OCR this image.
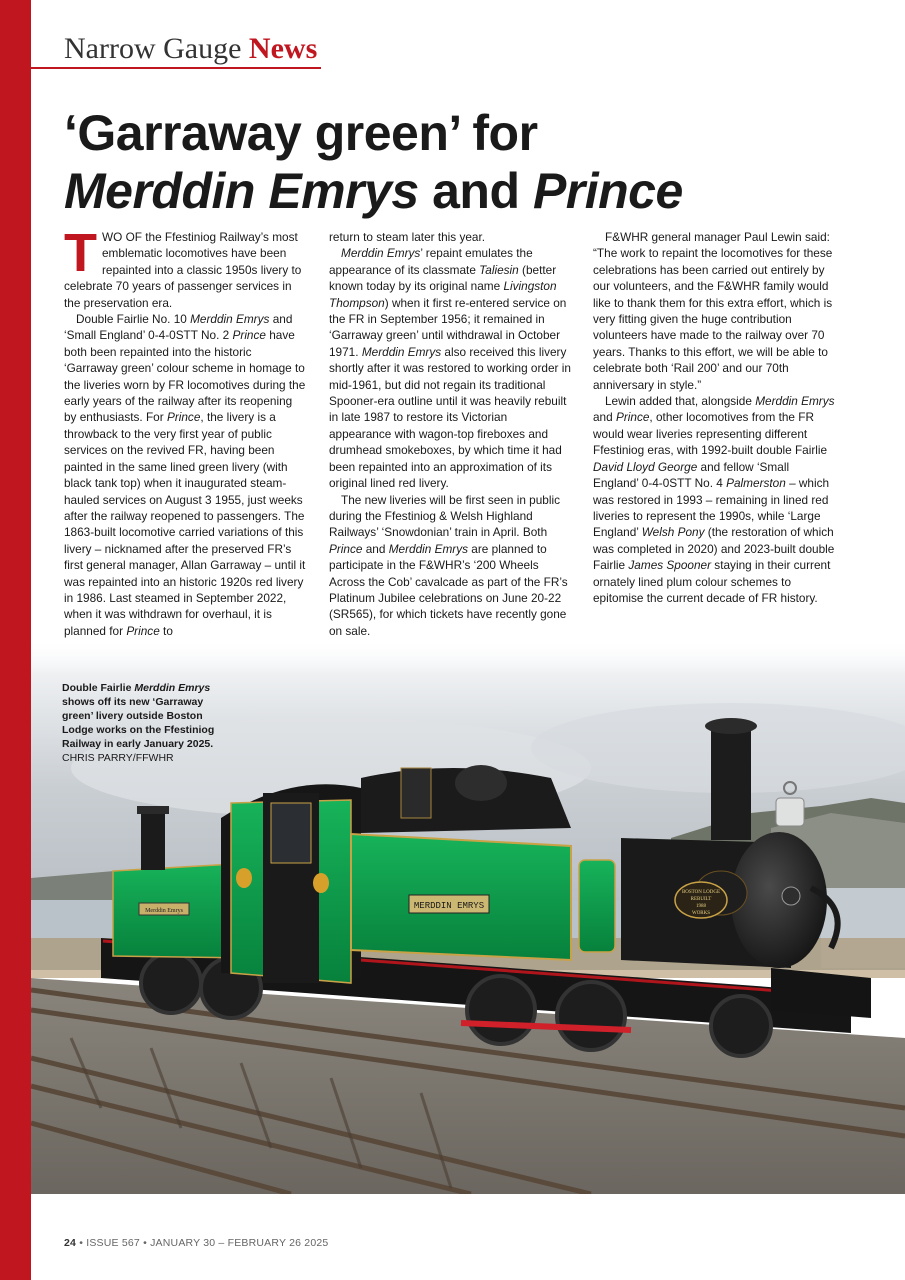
Narrow Gauge News
‘Garraway green’ for
Merddin Emrys and Prince

TWO OF the Ffestiniog Railway’s most emblematic locomotives have been repainted into a classic 1950s livery to celebrate 70 years of passenger services in the preservation era.

Double Fairlie No. 10 Merddin Emrys and ‘Small England’ 0-4-0STT No. 2 Prince have both been repainted into the historic ‘Garraway green’ colour scheme in homage to the liveries worn by FR locomotives during the early years of the railway after its reopening by enthusiasts. For Prince, the livery is a throwback to the very first year of public services on the revived FR, having been painted in the same lined green livery (with black tank top) when it inaugurated steam-hauled services on August 3 1955, just weeks after the railway reopened to passengers. The 1863-built locomotive carried variations of this livery – nicknamed after the preserved FR’s first general manager, Allan Garraway – until it was repainted into an historic 1920s red livery in 1986. Last steamed in September 2022, when it was withdrawn for overhaul, it is planned for Prince to

return to steam later this year.

Merddin Emrys’ repaint emulates the appearance of its classmate Taliesin (better known today by its original name Livingston Thompson) when it first re-entered service on the FR in September 1956; it remained in ‘Garraway green’ until withdrawal in October 1971. Merddin Emrys also received this livery shortly after it was restored to working order in mid-1961, but did not regain its traditional Spooner-era outline until it was heavily rebuilt in late 1987 to restore its Victorian appearance with wagon-top fireboxes and drumhead smokeboxes, by which time it had been repainted into an approximation of its original lined red livery.

The new liveries will be first seen in public during the Ffestiniog & Welsh Highland Railways’ ‘Snowdonian’ train in April. Both Prince and Merddin Emrys are planned to participate in the F&WHR’s ‘200 Wheels Across the Cob’ cavalcade as part of the FR’s Platinum Jubilee celebrations on June 20-22 (SR565), for which tickets have recently gone on sale.

F&WHR general manager Paul Lewin said: “The work to repaint the locomotives for these celebrations has been carried out entirely by our volunteers, and the F&WHR family would like to thank them for this extra effort, which is very fitting given the huge contribution volunteers have made to the railway over 70 years. Thanks to this effort, we will be able to celebrate both ‘Rail 200’ and our 70th anniversary in style.”

Lewin added that, alongside Merddin Emrys and Prince, other locomotives from the FR would wear liveries representing different Ffestiniog eras, with 1992-built double Fairlie David Lloyd George and fellow ‘Small England’ 0-4-0STT No. 4 Palmerston – which was restored in 1993 – remaining in lined red liveries to represent the 1990s, while ‘Large England’ Welsh Pony (the restoration of which was completed in 2020) and 2023-built double Fairlie James Spooner staying in their current ornately lined plum colour schemes to epitomise the current decade of FR history.

Merddin Emrys	MERDDIN EMRYS
BOSTON LODGE
REBUILT
1988
WORKS
Double Fairlie Merddin Emrys shows off its new ‘Garraway green’ livery outside Boston Lodge works on the Ffestiniog Railway in early January 2025.
CHRIS PARRY/FFWHR
24 • ISSUE 567 • JANUARY 30 – FEBRUARY 26 2025
